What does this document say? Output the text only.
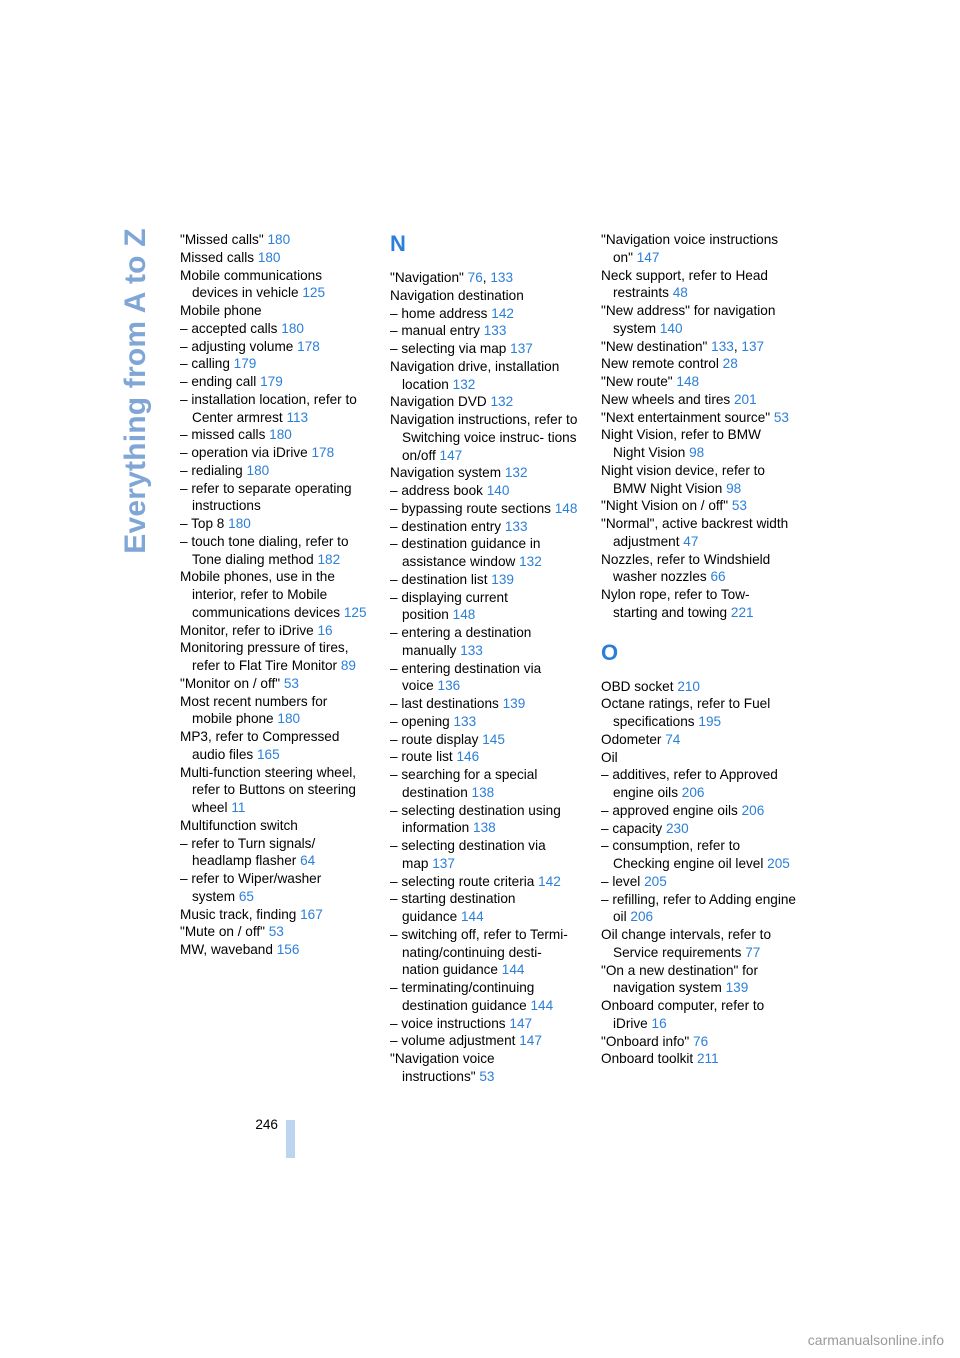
Everything from A to Z "Missed calls" 180
Missed calls 180
Mobile communications devices in vehicle 125
Mobile phone
– accepted calls 180
– adjusting volume 178
– calling 179
– ending call 179
– installation location, refer to Center armrest 113
– missed calls 180
– operation via iDrive 178
– redialing 180
– refer to separate operating instructions
– Top 8 180
– touch tone dialing, refer to Tone dialing method 182
Mobile phones, use in the interior, refer to Mobile communications devices 125
Monitor, refer to iDrive 16
Monitoring pressure of tires, refer to Flat Tire Monitor 89
"Monitor on / off" 53
Most recent numbers for mobile phone 180
MP3, refer to Compressed audio files 165
Multi-function steering wheel, refer to Buttons on steering wheel 11
Multifunction switch
– refer to Turn signals/ headlamp flasher 64
– refer to Wiper/washer system 65
Music track, finding 167
"Mute on / off" 53
MW, waveband 156
N
"Navigation" 76, 133
Navigation destination
– home address 142
– manual entry 133
– selecting via map 137
Navigation drive, installation location 132
Navigation DVD 132
Navigation instructions, refer to Switching voice instruc- tions on/off 147
Navigation system 132
– address book 140
– bypassing route sections 148
– destination entry 133
– destination guidance in assistance window 132
– destination list 139
– displaying current position 148
– entering a destination manually 133
– entering destination via voice 136
– last destinations 139
– opening 133
– route display 145
– route list 146
– searching for a special destination 138
– selecting destination using information 138
– selecting destination via map 137
– selecting route criteria 142
– starting destination guidance 144
– switching off, refer to Termi- nating/continuing desti- nation guidance 144
– terminating/continuing destination guidance 144
– voice instructions 147
– volume adjustment 147
"Navigation voice instructions" 53
"Navigation voice instructions on" 147
Neck support, refer to Head restraints 48
"New address" for navigation system 140
"New destination" 133, 137
New remote control 28
"New route" 148
New wheels and tires 201
"Next entertainment source" 53
Night Vision, refer to BMW Night Vision 98
Night vision device, refer to BMW Night Vision 98
"Night Vision on / off" 53
"Normal", active backrest width adjustment 47
Nozzles, refer to Windshield washer nozzles 66
Nylon rope, refer to Tow- starting and towing 221
O
OBD socket 210
Octane ratings, refer to Fuel specifications 195
Odometer 74
Oil
– additives, refer to Approved engine oils 206
– approved engine oils 206
– capacity 230
– consumption, refer to Checking engine oil level 205
– level 205
– refilling, refer to Adding engine oil 206
Oil change intervals, refer to Service requirements 77
"On a new destination" for navigation system 139
Onboard computer, refer to iDrive 16
"Onboard info" 76
Onboard toolkit 211
246
carmanualsonline.info
